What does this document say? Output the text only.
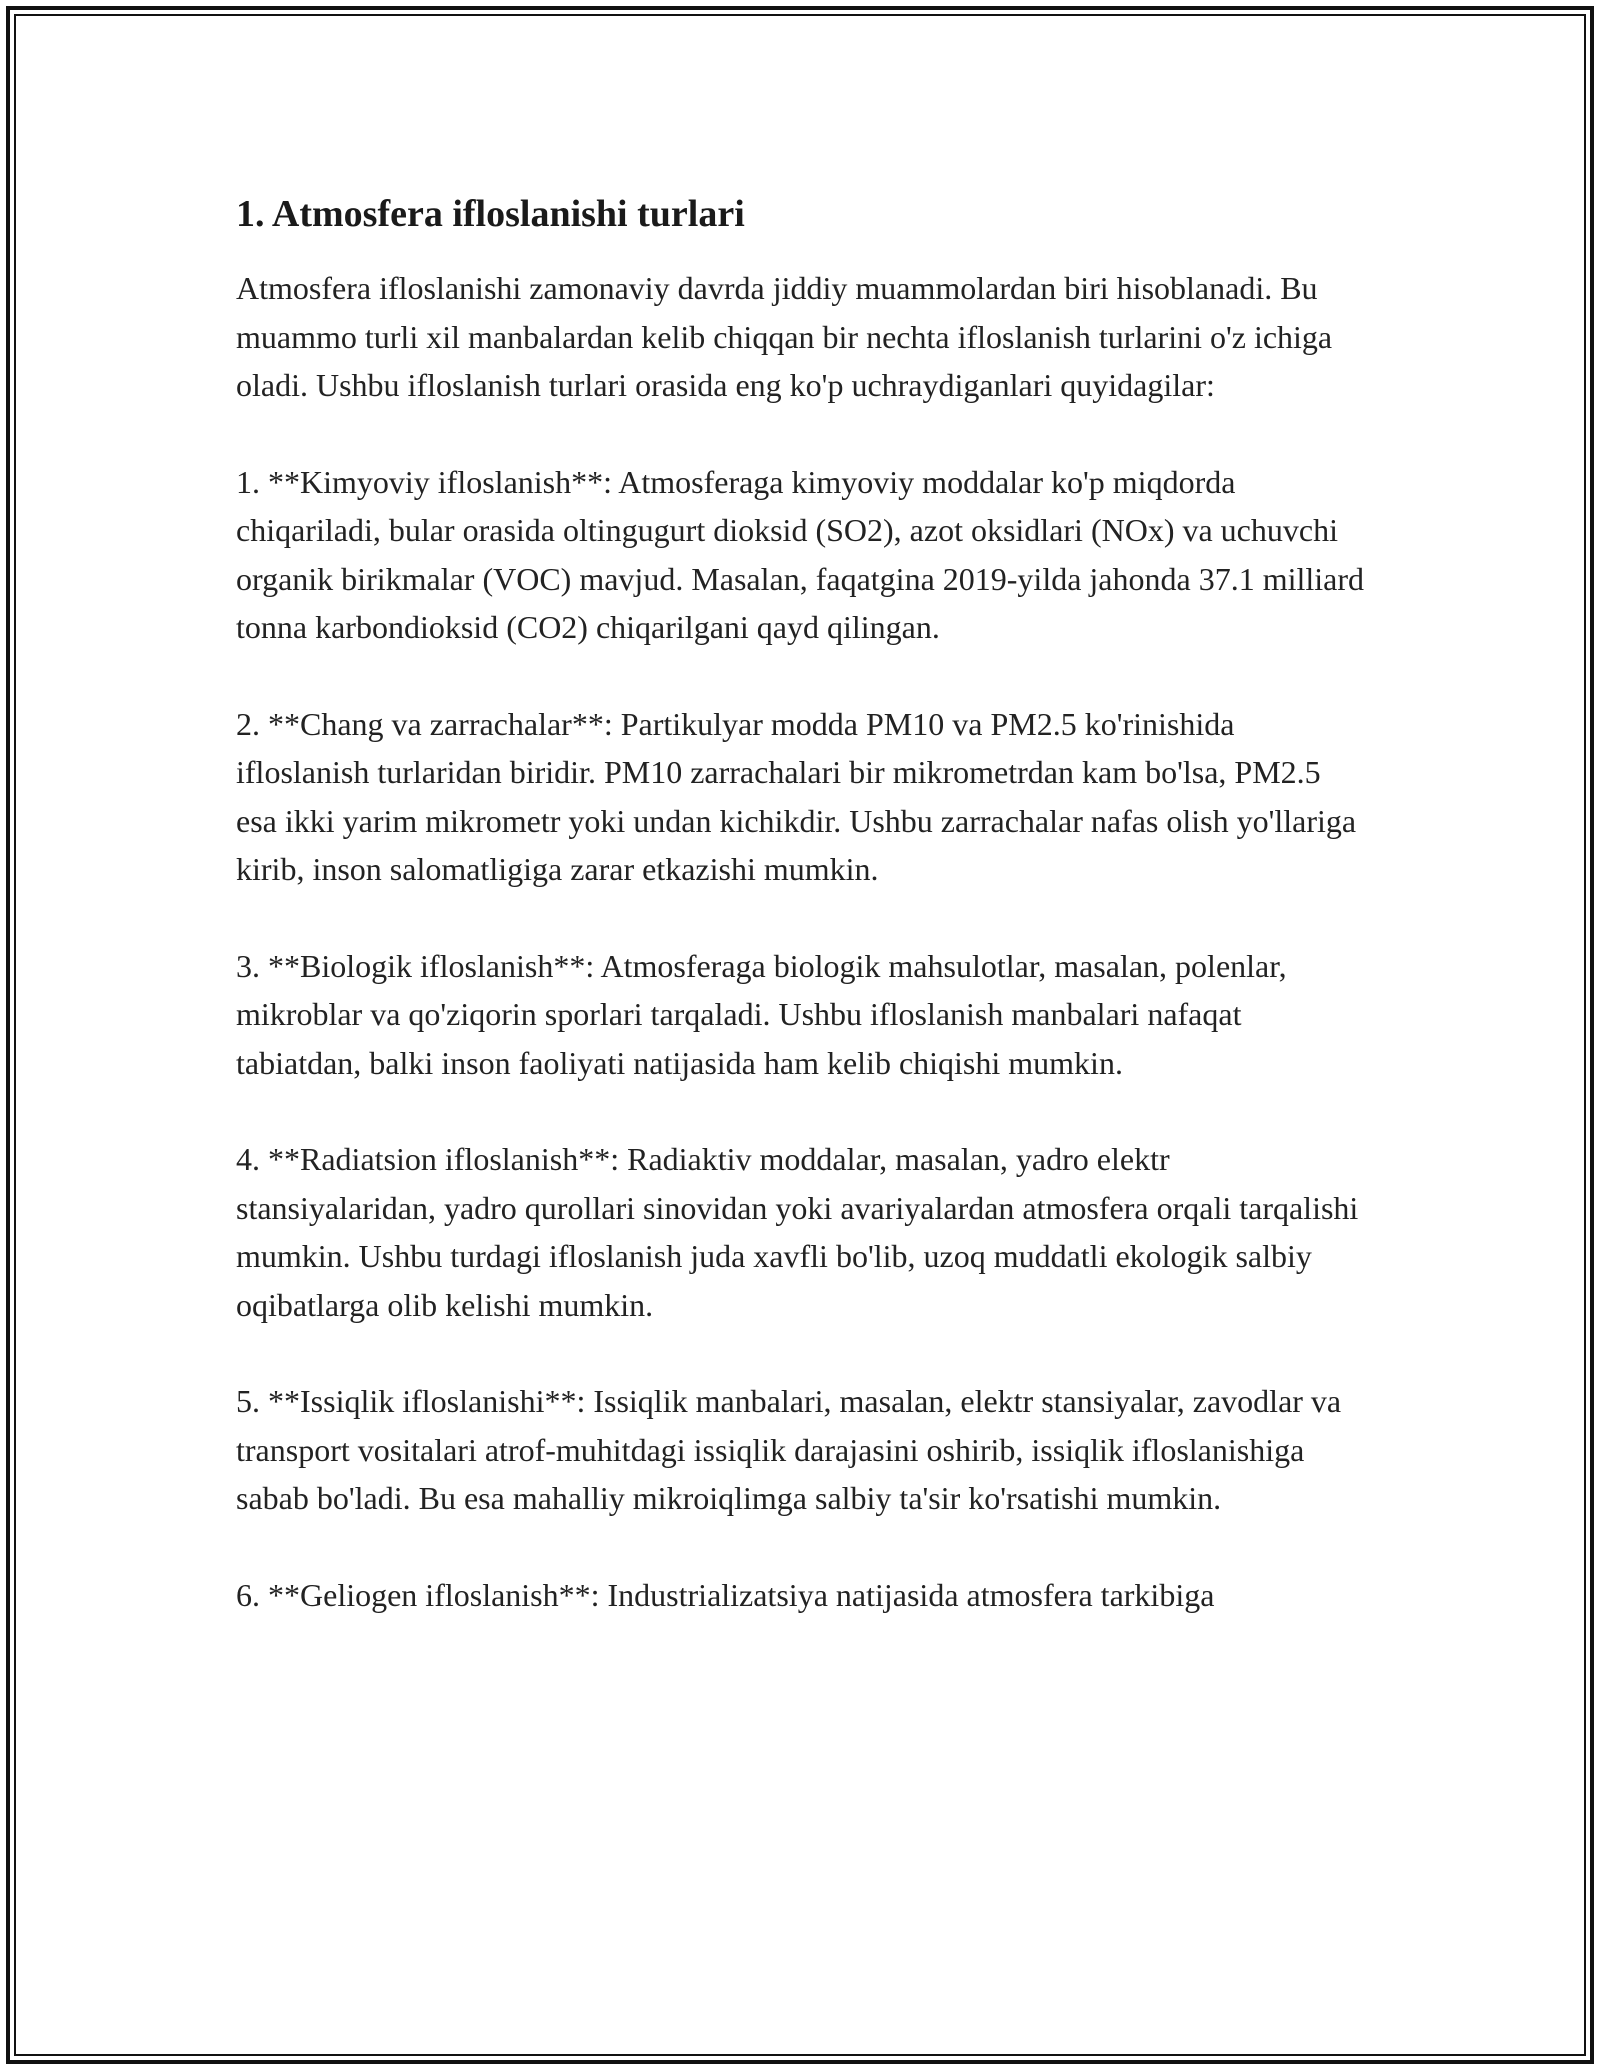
1. Atmosfera ifloslanishi turlari

Atmosfera ifloslanishi zamonaviy davrda jiddiy muammolardan biri hisoblanadi. Bu muammo turli xil manbalardan kelib chiqqan bir nechta ifloslanish turlarini o'z ichiga oladi. Ushbu ifloslanish turlari orasida eng ko'p uchraydiganlari quyidagilar:

1. **Kimyoviy ifloslanish**: Atmosferaga kimyoviy moddalar ko'p miqdorda chiqariladi, bular orasida oltingugurt dioksid (SO2), azot oksidlari (NOx) va uchuvchi organik birikmalar (VOC) mavjud. Masalan, faqatgina 2019-yilda jahonda 37.1 milliard tonna karbondioksid (CO2) chiqarilgani qayd qilingan.

2. **Chang va zarrachalar**: Partikulyar modda PM10 va PM2.5 ko'rinishida ifloslanish turlaridan biridir. PM10 zarrachalari bir mikrometrdan kam bo'lsa, PM2.5 esa ikki yarim mikrometr yoki undan kichikdir. Ushbu zarrachalar nafas olish yo'llariga kirib, inson salomatligiga zarar etkazishi mumkin.

3. **Biologik ifloslanish**: Atmosferaga biologik mahsulotlar, masalan, polenlar, mikroblar va qo'ziqorin sporlari tarqaladi. Ushbu ifloslanish manbalari nafaqat tabiatdan, balki inson faoliyati natijasida ham kelib chiqishi mumkin.

4. **Radiatsion ifloslanish**: Radiaktiv moddalar, masalan, yadro elektr stansiyalaridan, yadro qurollari sinovidan yoki avariyalardan atmosfera orqali tarqalishi mumkin. Ushbu turdagi ifloslanish juda xavfli bo'lib, uzoq muddatli ekologik salbiy oqibatlarga olib kelishi mumkin.

5. **Issiqlik ifloslanishi**: Issiqlik manbalari, masalan, elektr stansiyalar, zavodlar va transport vositalari atrof-muhitdagi issiqlik darajasini oshirib, issiqlik ifloslanishiga sabab bo'ladi. Bu esa mahalliy mikroiqlimga salbiy ta'sir ko'rsatishi mumkin.

6. **Geliogen ifloslanish**: Industrializatsiya natijasida atmosfera tarkibiga
